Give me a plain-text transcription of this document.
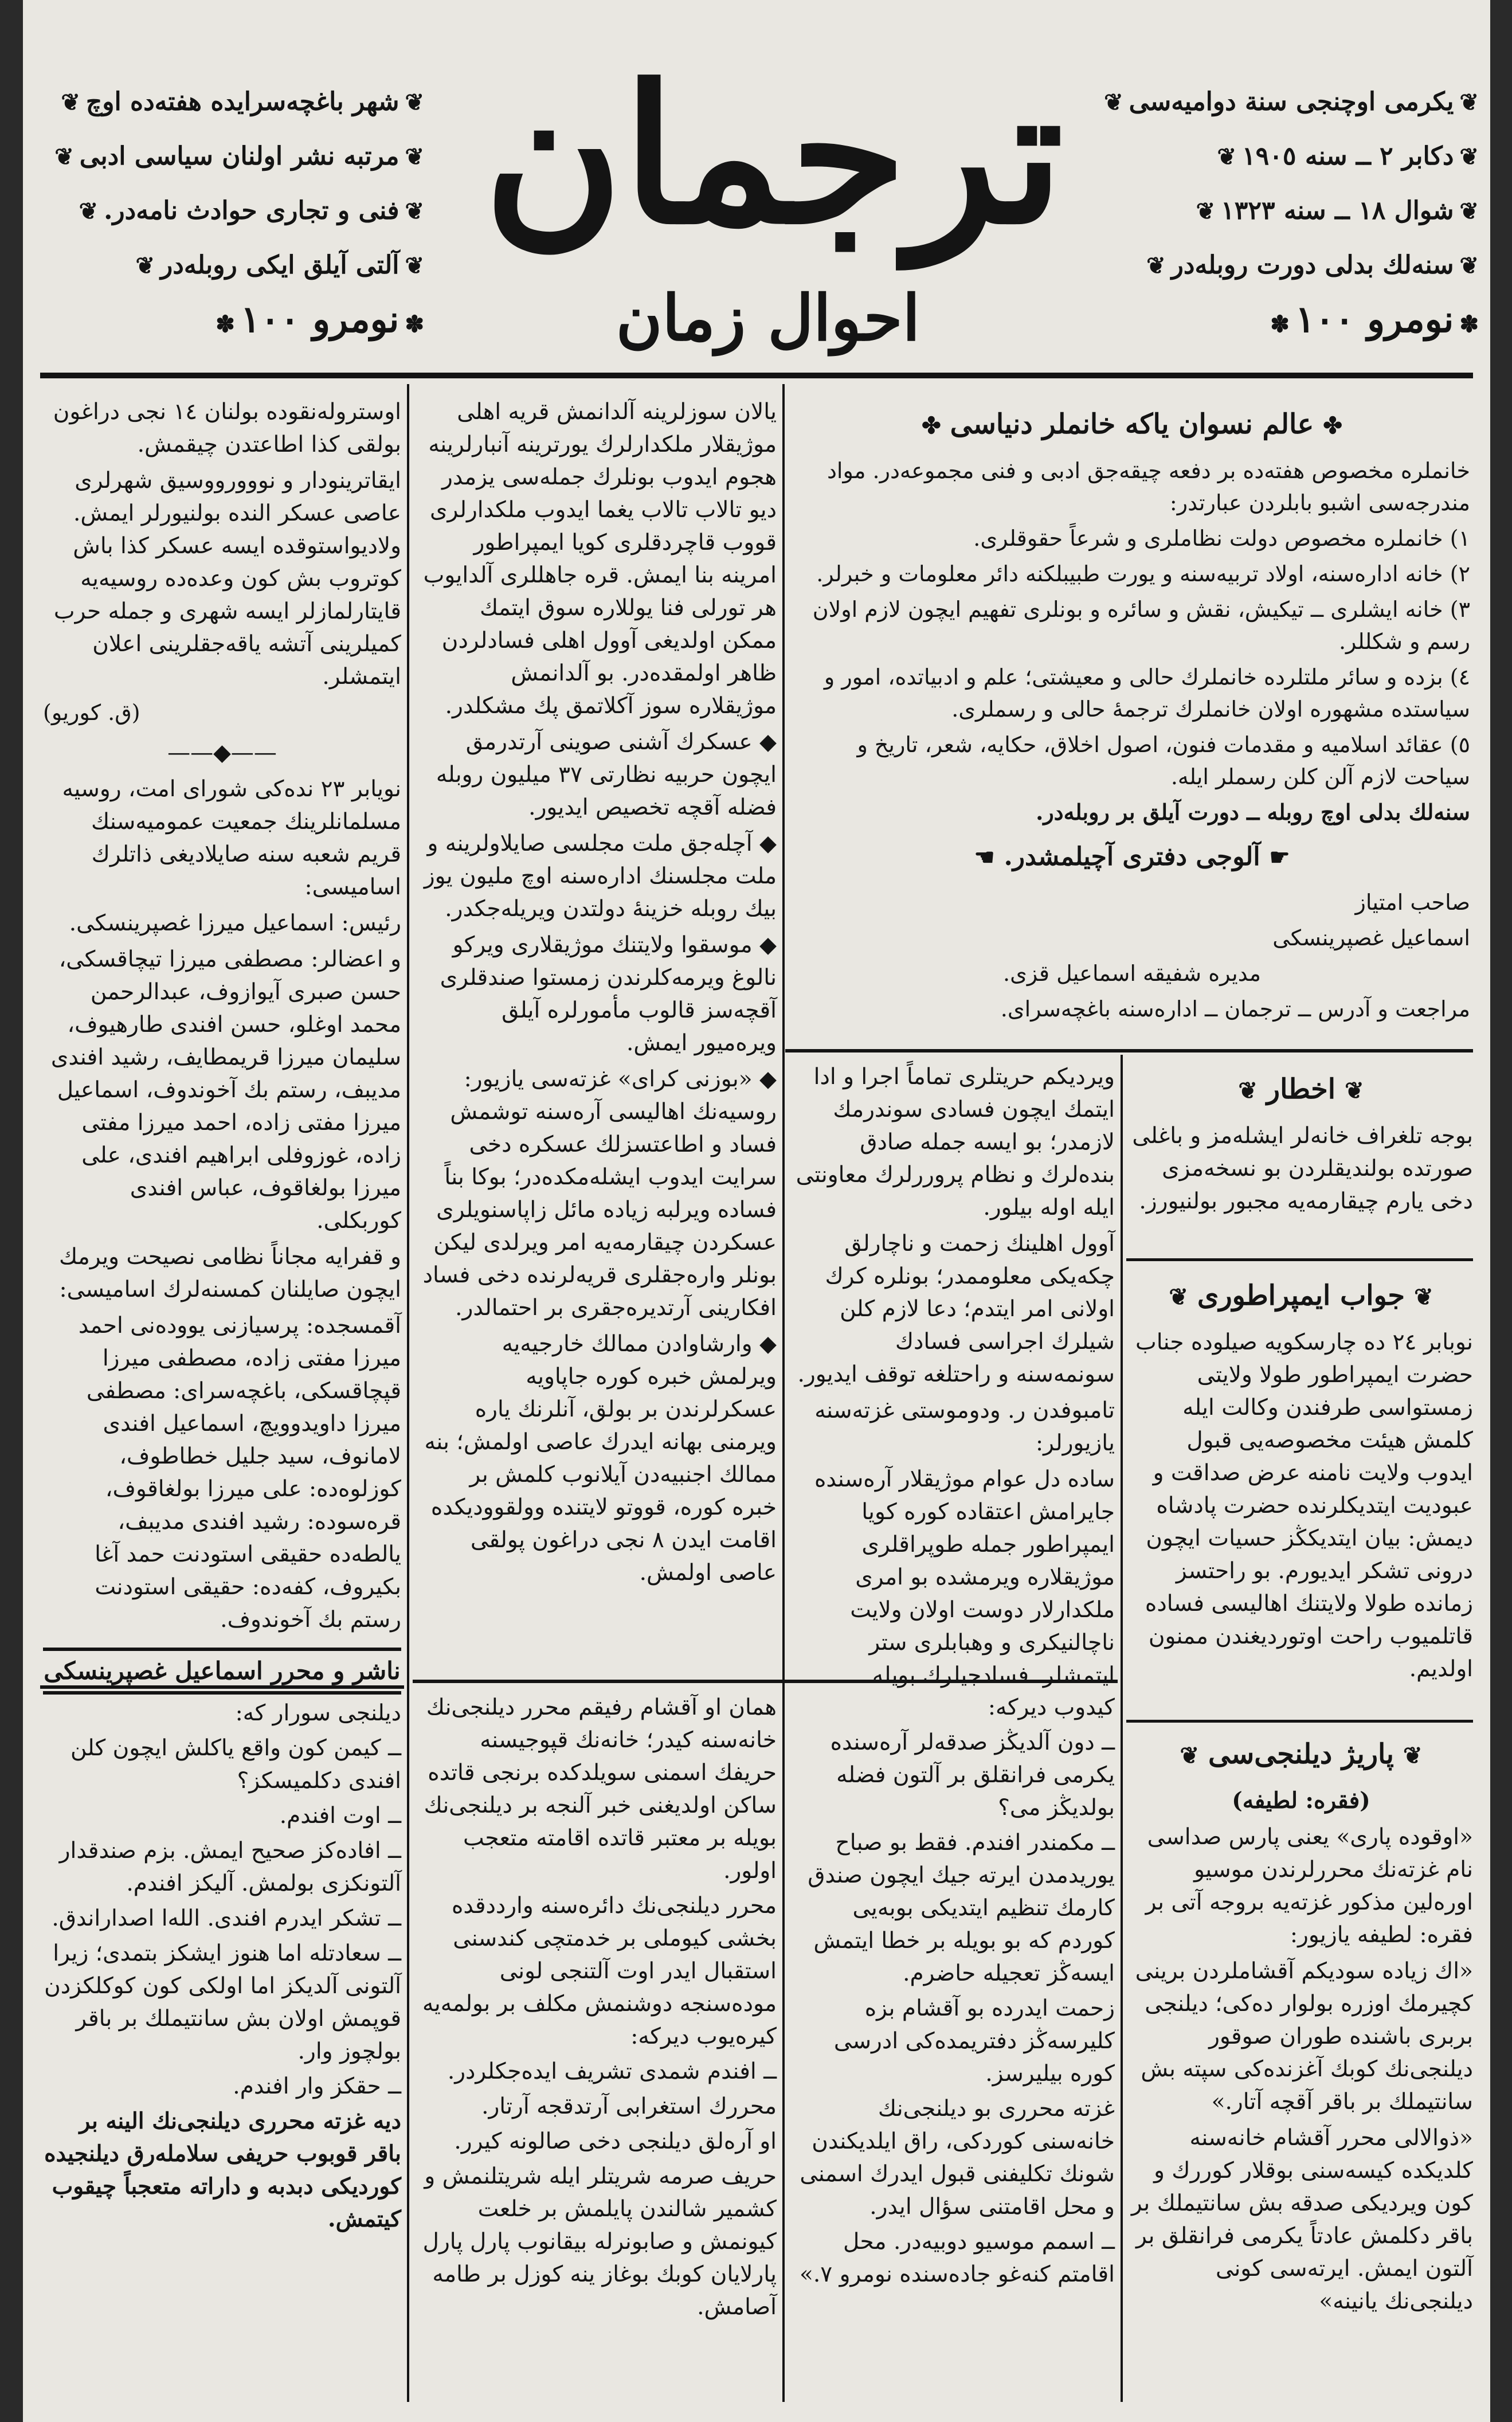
❦يكرمى اوچنجى سنة دواميەسى❦
❦دكابر ٢ ــ سنه ١٩٠٥❦
❦شوال ١٨ ــ سنه ١٣٢٣❦
❦سنەلك بدلى دورت روبلەدر❦
✽نومرو ١٠٠✽
ترجمان
احوال زمان
❦شهر باغچەسرايدە هفتەدە اوچ❦
❦مرتبه نشر اولنان سياسى ادبى❦
❦فنى و تجارى حوادث نامەدر.❦
❦آلتى آيلق ايكى روبلەدر❦
✽نومرو ١٠٠✽
✤عالم نسوان ياكە خانملر دنياسى✤

خانملره مخصوص هفتەدە بر دفعه چيقەجق ادبى و فنى مجموعەدر. مواد مندرجەسى اشبو بابلردن عبارتدر:

١) خانملره مخصوص دولت نظاملرى و شرعاً حقوقلرى.

٢) خانه ادارەسنه، اولاد تربيەسنه و يورت طبيبلكنه دائر معلومات و خبرلر.

٣) خانه ايشلرى ــ تيكيش، نقش و سائره و بونلرى تفهيم ايچون لازم اولان رسم و شكللر.

٤) بزده و سائر ملتلرده خانملرك حالى و معيشتى؛ علم و ادبياتده، امور و سياستده مشهوره اولان خانملرك ترجمهٔ حالى و رسملرى.

٥) عقائد اسلاميه و مقدمات فنون، اصول اخلاق، حكايه، شعر، تاريخ و سياحت لازم آلن كلن رسملر ايله.

سنەلك بدلى اوچ روبله ــ دورت آيلق بر روبلەدر.

☛آلوجى دفترى آچيلمشدر.☚

صاحب امتياز

اسماعيل غصپرينسكى

مديره شفيقه اسماعيل قزى.

مراجعت و آدرس ــ ترجمان ــ ادارەسنه باغچەسراى.

❦اخطار❦

بوجه تلغراف خانەلر ايشلەمز و باغلى صورتده بولنديقلردن بو نسخەمزى دخى يارم چيقارمەيه مجبور بولنيورز.

❦جواب ايمپراطورى❦

نوبابر ٢٤ ده چارسكويه صيلوده جناب حضرت ايمپراطور طولا ولايتى زمستواسى طرفندن وكالت ايله كلمش هيئت مخصوصەيى قبول ايدوب ولايت نامنه عرض صداقت و عبوديت ايتديكلرنده حضرت پادشاه ديمش: بيان ايتديكڭز حسيات ايچون درونى تشكر ايديورم. بو راحتسز زمانده طولا ولايتنك اهاليسى فساده قاتلميوب راحت اوتورديغندن ممنون اولديم.

❦پاريژ ديلنجى‌سى❦

(فقره: لطيفه)

«اوقوده پارى» يعنى پارس صداسى نام غزته‌نك محررلرندن موسيو اوره‌لين مذكور غزته‌يه بروجه آتى بر فقره: لطيفه يازيور:

«اك زياده سوديكم آقشاملردن برينى كچيرمك اوزره بولوار ده‌كى؛ ديلنجى بربرى باشنده طوران صوقور ديلنجى‌نك كوبك آغزنده‌كى سپتە بش سانتيملك بر باقر آقچه آتار.»

«ذوالالى محرر آقشام خانەسنه كلديكده كيسه‌سنى بوقلار كوررك و كون ويرديكى صدقه بش سانتيملك بر باقر دكلمش عادتاً يكرمى فرانقلق بر آلتون ايمش. ايرتەسى كونى ديلنجى‌نك يانينه»

ويرديكم حريتلرى تماماً اجرا و ادا ايتمك ايچون فسادى سوندرمك لازمدر؛ بو ايسه جمله صادق بندەلرك و نظام پروررلرك معاونتى ايله اوله بيلور.

آوول اهلينك زحمت و ناچارلق چكەيكى معلوممدر؛ بونلره كرك اولانى امر ايتدم؛ دعا لازم كلن شيلرك اجراسى فسادك سونمەسنه و راحتلغه توقف ايديور.

تامبوفدن ر. ودوموستى غزته‌سنه يازيورلر:

ساده دل عوام موژيقلار آرەسنده جايرامش اعتقاده كوره كويا ايمپراطور جمله طوپراقلرى موژيقلاره ويرمشده بو امرى ملكدارلار دوست اولان ولايت ناچالنيكرى و وهبابلرى ستر ايتمشلر. فسادجيلرك بويله

كيدوب ديركه:

ــ دون آلديڭز صدقەلر آرەسنده يكرمى فرانقلق بر آلتون فضله بولديڭز مى؟

ــ مكمندر افندم. فقط بو صباح يوريدمدن ايرته جيك ايچون صندق كارمك تنظيم ايتديكى بو‌بەيى كوردم كه بو بويله بر خطا ايتمش ايسەڭز تعجيله حاضرم.

زحمت ايدرده بو آقشام بزه كليرسەڭز دفتريمده‌كى ادرسى كوره بيليرسز.

غزته محررى بو ديلنجى‌نك خانەسنى كوردكى، راق ايلديكندن شونك تكليفنى قبول ايدرك اسمنى و محل اقامتنى سؤال ايدر.

ــ اسمم موسيو دوبيه‌در. محل اقامتم كنەغو جاده‌سنده نومرو ٧.»

يالان سوزلرينه آلدانمش قريه اهلى موژيقلار ملكدارلرك يورترينه آنبارلرينه هجوم ايدوب بونلرك جملەسى يزمدر ديو تالاب تالاب يغما ايدوب ملكدارلرى قووب قاچردقلرى كويا ايمپراطور امرينه بنا ايمش. قره جاهللرى آلدايوب هر تورلى فنا يوللاره سوق ايتمك ممكن اولديغى آوول اهلى فسادلردن ظاهر اولمقدەدر. بو آلدانمش موژيقلاره سوز آكلاتمق پك مشكلدر.

◆ عسكرك آشنى صوينى آرتدرمق ايچون حربيه نظارتى ٣٧ ميليون روبله فضله آقچه تخصيص ايديور.

◆ آچلەجق ملت مجلسى صايلاولرينه و ملت مجلسنك ادارەسنه اوچ مليون يوز بيك روبله خزينهٔ دولتدن ويريلەجكدر.

◆ موسقوا ولايتنك موژيقلارى ويركو نالوغ ويرمەكلرندن زمستوا صندقلرى آقچەسز قالوب مأمورلره آيلق ويرەميور ايمش.

◆ «بوزنى كراى» غزته‌سى يازيور: روسيەنك اهاليسى آرەسنه توشمش فساد و اطاعتسزلك عسكره دخى سرايت ايدوب ايشلەمكده‌در؛ بوكا بناً فساده ويرلبه زياده مائل زاپاسنويلرى عسكردن چيقارمەيه امر ويرلدى ليكن بونلر وارەجقلرى قريەلرنده دخى فساد افكارينى آرتديرەجقرى بر احتمالدر.

◆ وارشاوادن ممالك خارجيه‌يه ويرلمش خبره كوره جاپاويه عسكرلرندن بر بولق، آنلرنك يارە ويرمنى بهانه ايدرك عاصى اولمش؛ بنه ممالك اجنبيه‌دن آيلانوب كلمش بر خبره كوره، قووتو لايتنده وولقووديكده اقامت ايدن ٨ نجى دراغون پولقى عاصى اولمش.

همان او آقشام رفيقم محرر ديلنجى‌نك خانەسنه كيدر؛ خانەنك قپوجيسنه حريفك اسمنى سويلدكده برنجى قاتده ساكن اولديغنى خبر آلنجه بر ديلنجى‌نك بويله بر معتبر قاتده اقامته متعجب اولور.

محرر ديلنجى‌نك دائرەسنه وارددقده بخشى كيوملى بر خدمتچى كندسنى استقبال ايدر اوت آلتنجى لونى موده‌سنجه دوشنمش مكلف بر بولمەيه كيرەيوب ديركه:

ــ افندم شمدى تشريف ايده‌جكلردر.

محررك استغرابى آرتدقجه آرتار.

او آرەلق ديلنجى دخى صالونه كيرر.

حريف صرمه شريتلر ايله شريتلنمش و كشمير شالندن پايلمش بر خلعت كيونمش و صابونرله بيقانوب پارل پارل پارلايان كوبك بوغاز ينه كوزل بر طامه آصامش.

اوستروله‌نقوده بولنان ١٤ نجى دراغون بولقى كذا اطاعتدن چيقمش.

ايقاترينودار و نووورووسيق شهرلرى عاصى عسكر الندە بولنيورلر ايمش. ولاديواستوقده ايسه عسكر كذا باش كوتروب بش كون وعدەده روسيەيه قايتارلمازلر ايسه شهرى و جمله حرب كميلرينى آتشه ياقەجقلرينى اعلان ايتمشلر.

(ق. كوريو)

——◆——

نويابر ٢٣ نده‌كى شوراى امت، روسيه مسلمانلرينك جمعيت عموميەسنك قريم شعبه سنه صايلاديغى ذاتلرك اساميسى:

رئيس: اسماعيل ميرزا غصپرينسكى.

و اعضالر: مصطفى ميرزا تيچاقسكى، حسن صبرى آيوازوف، عبدالرحمن محمد اوغلو، حسن افندى طارهيوف، سليمان ميرزا قريمطايف، رشيد افندى مديبف، رستم بك آخوندوف، اسماعيل ميرزا مفتى زاده، احمد ميرزا مفتى زاده، غوزوفلى ابراهيم افندى، على ميرزا بولغاقوف، عباس افندى كوربكلى.

و قفرايه مجاناً نظامى نصيحت ويرمك ايچون صايلنان كمسنەلرك اساميسى:

آقمسجده: پرسيازنى يوودەنى احمد ميرزا مفتى زاده، مصطفى ميرزا قپچاقسكى، باغچەسراى: مصطفى ميرزا داويدوويچ، اسماعيل افندى لامانوف، سيد جليل خطاطوف، كوزلوه‌ده: على ميرزا بولغاقوف، قره‌سوده: رشيد افندى مديبف، يالطه‌ده حقيقى استودنت حمد آغا بكيروف، كفه‌ده: حقيقى استودنت رستم بك آخوندوف.

ناشر و محرر اسماعيل غصپرينسكى

ديلنجى سورار كه:

ــ كيمن كون واقع ياكلش ايچون كلن افندى دكلميسكز؟

ــ اوت افندم.

ــ افاده‌كز صحيح ايمش. بزم صندقدار آلتونكزى بولمش. آليكز افندم.

ــ تشكر ايدرم افندى. الله‌ا اصداراندق.

ــ سعادتله اما هنوز ايشكز بتمدى؛ زيرا آلتونى آلديكز اما اولكى كون كوكلكزدن قوپمش اولان بش سانتيملك بر باقر بولچوز وار.

ــ حقكز وار افندم.

ديه غزته محررى ديلنجى‌نك الينه بر باقر قوبوب حريفى سلاملەرق ديلنجيدە كورديكى دبدبه و داراته متعجباً چيقوب كيتمش.
